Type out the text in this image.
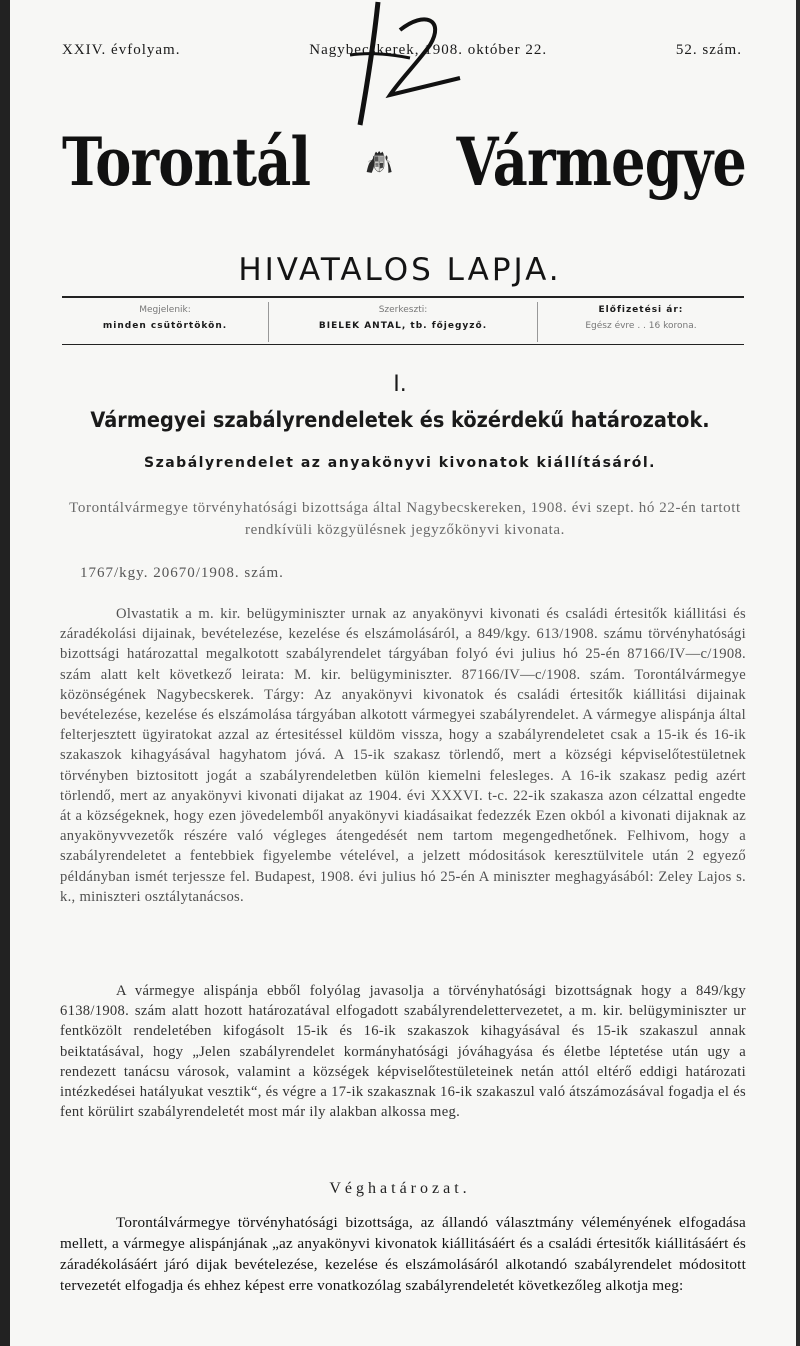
XXIV. évfolyam.	Nagybecskerek, 1908. október 22.	52. szám.
Torontál	II. J. M. T. Vármegye
HIVATALOS LAPJA.
Megjelenik:
minden csütörtökön.
Szerkeszti:
BIELEK ANTAL, tb. főjegyző.
Előfizetési ár:
Egész évre . . 16 korona.
I.
Vármegyei szabályrendeletek és közérdekű határozatok.
Szabályrendelet az anyakönyvi kivonatok kiállításáról.
Torontálvármegye törvényhatósági bizottsága által Nagybecskereken, 1908. évi szept. hó 22-én tartott rendkívüli közgyülésnek jegyzőkönyvi kivonata.
1767/kgy. 20670/1908. szám.
Olvastatik a m. kir. belügyminiszter urnak az anyakönyvi kivonati és családi értesitők kiállitási és záradékolási dijainak, bevételezése, kezelése és elszámolásáról, a 849/kgy. 613/1908. számu törvényhatósági bizottsági határozattal megalkotott szabályrendelet tárgyában folyó évi julius hó 25-én 87166/IV—c/1908. szám alatt kelt következő leirata: M. kir. belügyminiszter. 87166/IV—c/1908. szám. Torontálvármegye közönségének Nagybecskerek. Tárgy: Az anyakönyvi kivonatok és családi értesitők kiállitási dijainak bevételezése, kezelése és elszámolása tárgyában alkotott vármegyei szabályrendelet. A vármegye alispánja által felterjesztett ügyiratokat azzal az értesitéssel küldöm vissza, hogy a szabályrendeletet csak a 15-ik és 16-ik szakaszok kihagyásával hagyhatom jóvá. A 15-ik szakasz törlendő, mert a községi képviselőtestületnek törvényben biztositott jogát a szabályrendeletben külön kiemelni felesleges. A 16-ik szakasz pedig azért törlendő, mert az anyakönyvi kivonati dijakat az 1904. évi XXXVI. t-c. 22-ik szakasza azon célzattal engedte át a községeknek, hogy ezen jövedelemből anyakönyvi kiadásaikat fedezzék Ezen okból a kivonati dijaknak az anyakönyvvezetők részére való végleges átengedését nem tartom megengedhetőnek. Felhivom, hogy a szabályrendeletet a fentebbiek figyelembe vételével, a jelzett módositások keresztülvitele után 2 egyező példányban ismét terjessze fel. Budapest, 1908. évi julius hó 25-én A miniszter meghagyásából: Zeley Lajos s. k., miniszteri osztálytanácsos.
A vármegye alispánja ebből folyólag javasolja a törvényhatósági bizottságnak hogy a 849/kgy 6138/1908. szám alatt hozott határozatával elfogadott szabályrendelettervezetet, a m. kir. belügyminiszter ur fentközölt rendeletében kifogásolt 15-ik és 16-ik szakaszok kihagyásával és 15-ik szakaszul annak beiktatásával, hogy „Jelen szabályrendelet kormányhatósági jóváhagyása és életbe léptetése után ugy a rendezett tanácsu városok, valamint a községek képviselőtestületeinek netán attól eltérő eddigi határozati intézkedései hatályukat vesztik“, és végre a 17-ik szakasznak 16-ik szakaszul való átszámozásával fogadja el és fent körülirt szabályrendeletét most már ily alakban alkossa meg.
Véghatározat.
Torontálvármegye törvényhatósági bizottsága, az állandó választmány véleményének elfogadása mellett, a vármegye alispánjának „az anyakönyvi kivonatok kiállitásáért és a családi értesitők kiállitásáért és záradékolásáért járó dijak bevételezése, kezelése és elszámolásáról alkotandó szabályrendelet módositott tervezetét elfogadja és ehhez képest erre vonatkozólag szabályrendeletét következőleg alkotja meg:
